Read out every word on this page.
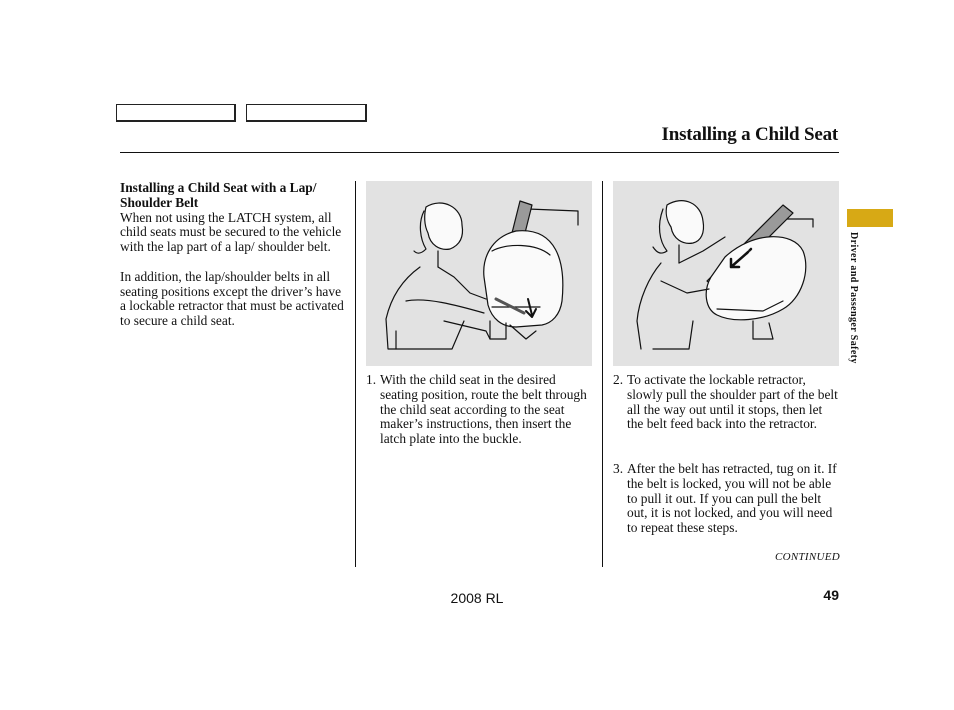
Installing a Child Seat

Installing a Child Seat with a Lap/ Shoulder Belt

When not using the LATCH system, all child seats must be secured to the vehicle with the lap part of a lap/ shoulder belt.

In addition, the lap/shoulder belts in all seating positions except the driver’s have a lockable retractor that must be activated to secure a child seat.

1. With the child seat in the desired seating position, route the belt through the child seat according to the seat maker’s instructions, then insert the latch plate into the buckle.
2. To activate the lockable retractor, slowly pull the shoulder part of the belt all the way out until it stops, then let the belt feed back into the retractor.
3. After the belt has retracted, tug on it. If the belt is locked, you will not be able to pull it out. If you can pull the belt out, it is not locked, and you will need to repeat these steps.
CONTINUED
2008 RL	49
Driver and Passenger Safety
